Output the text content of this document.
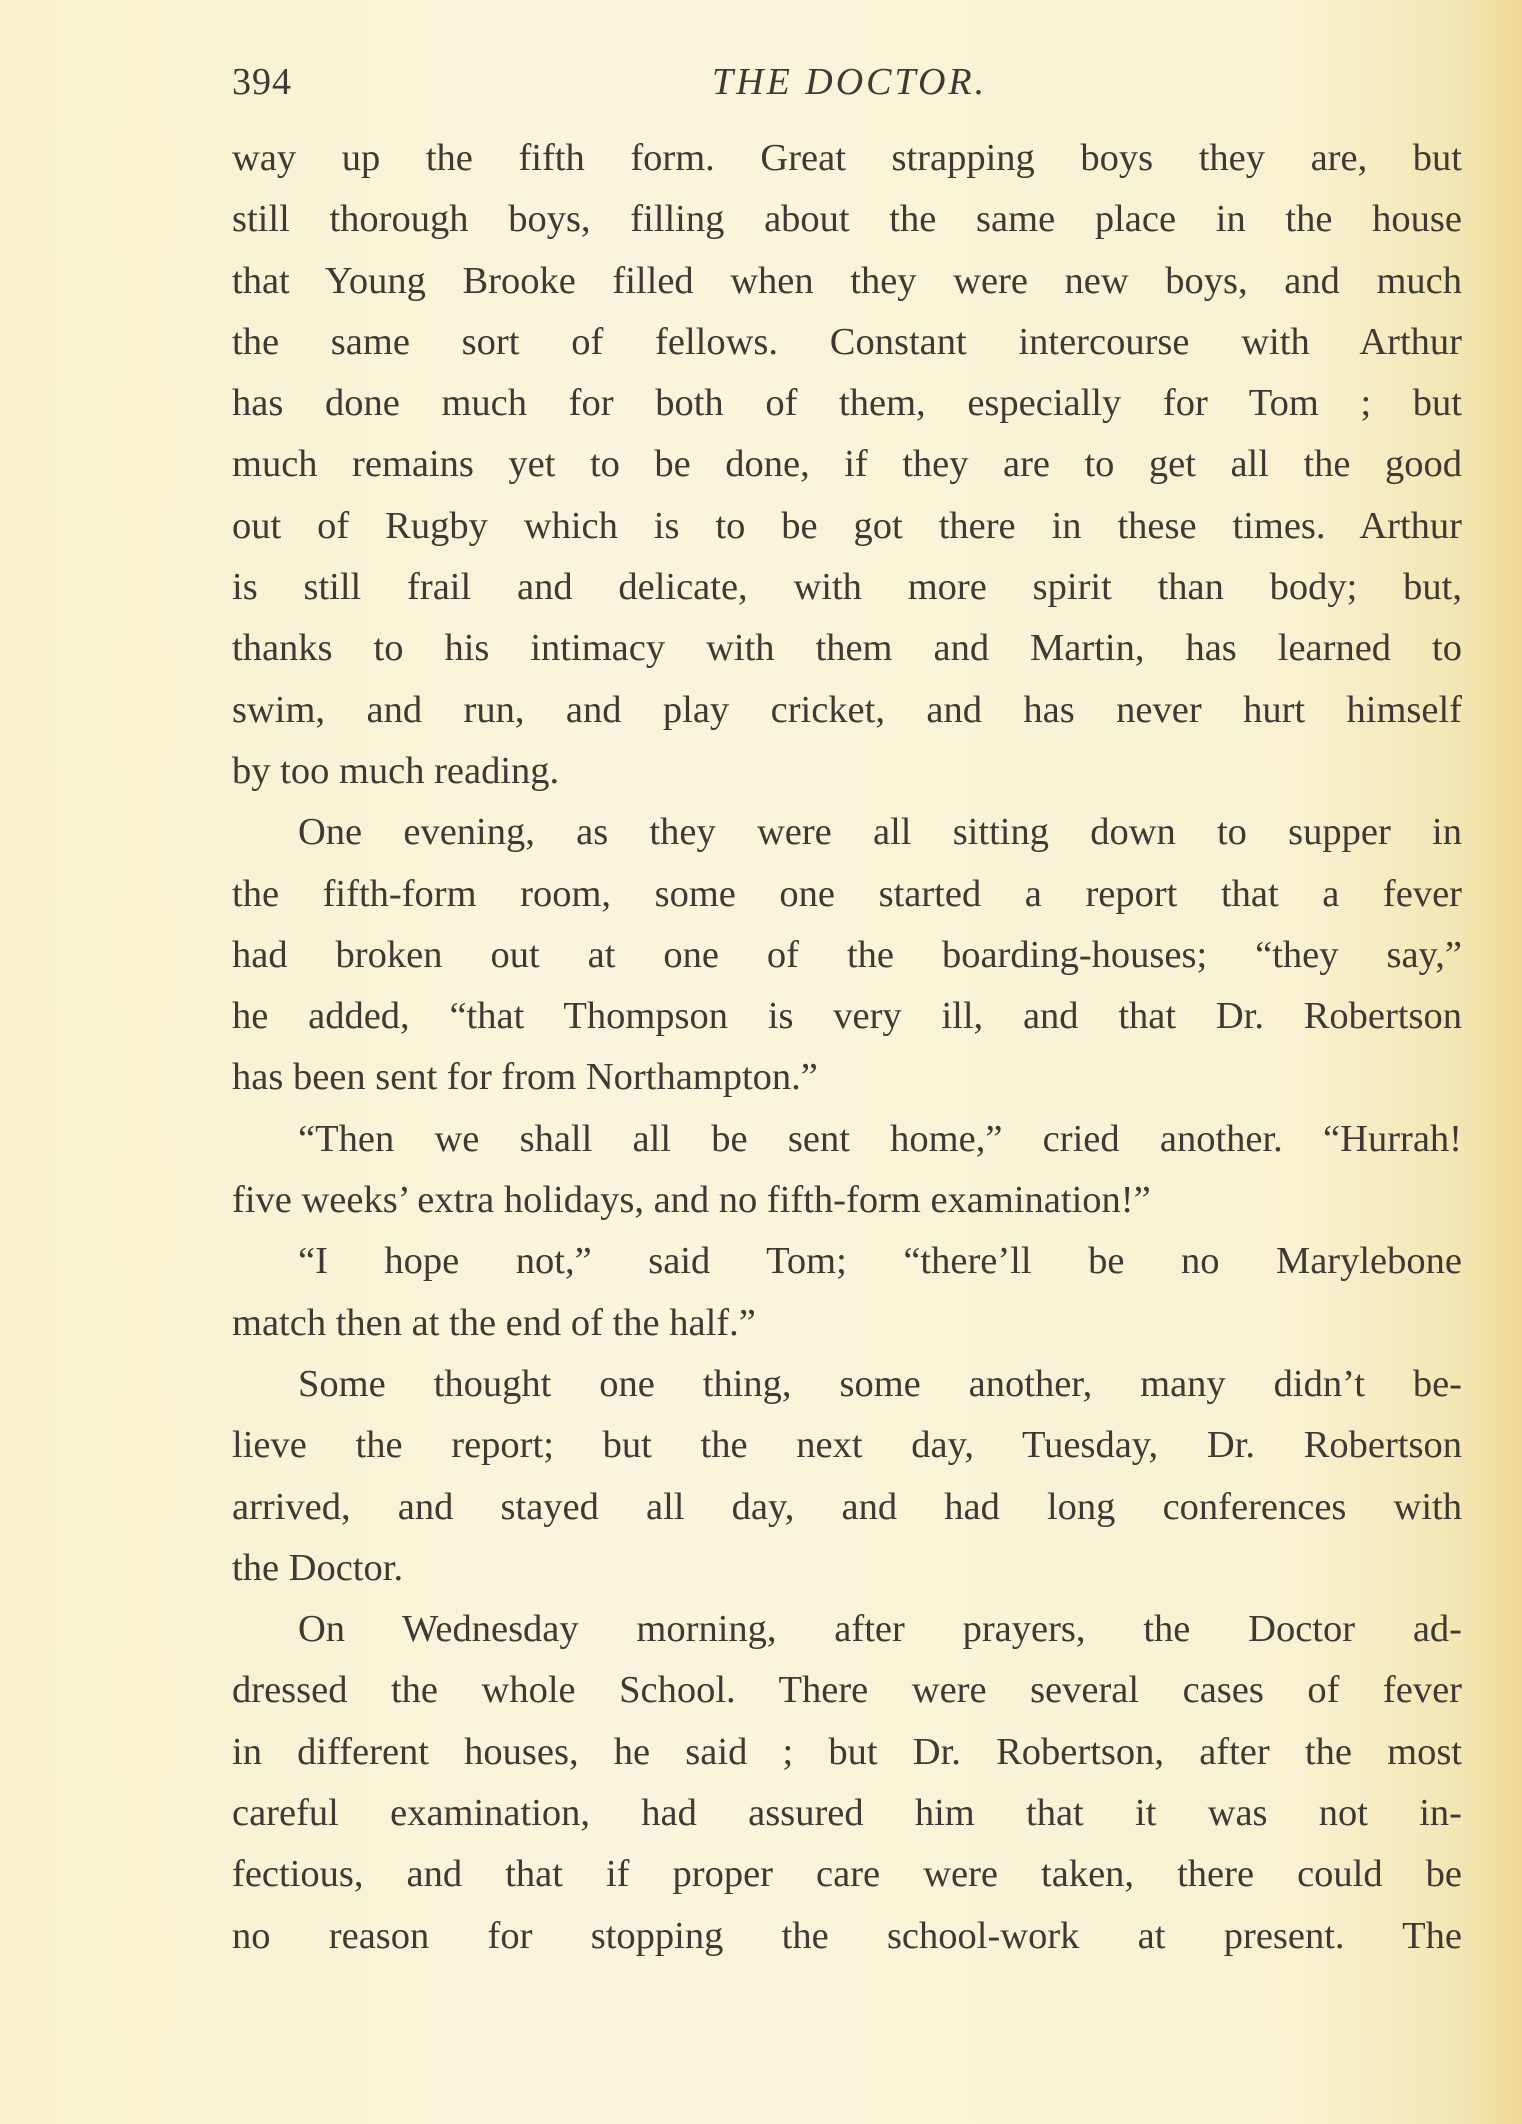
394	THE DOCTOR.
way up the fifth form. Great strapping boys they are, but
still thorough boys, filling about the same place in the house
that Young Brooke filled when they were new boys, and much
the same sort of fellows. Constant intercourse with Arthur
has done much for both of them, especially for Tom ; but
much remains yet to be done, if they are to get all the good
out of Rugby which is to be got there in these times. Arthur
is still frail and delicate, with more spirit than body; but,
thanks to his intimacy with them and Martin, has learned to
swim, and run, and play cricket, and has never hurt himself
by too much reading.
One evening, as they were all sitting down to supper in
the fifth-form room, some one started a report that a fever
had broken out at one of the boarding-houses; “they say,”
he added, “that Thompson is very ill, and that Dr. Robertson
has been sent for from Northampton.”
“Then we shall all be sent home,” cried another. “Hurrah!
five weeks’ extra holidays, and no fifth-form examination!”
“I hope not,” said Tom; “there’ll be no Marylebone
match then at the end of the half.”
Some thought one thing, some another, many didn’t be-
lieve the report; but the next day, Tuesday, Dr. Robertson
arrived, and stayed all day, and had long conferences with
the Doctor.
On Wednesday morning, after prayers, the Doctor ad-
dressed the whole School. There were several cases of fever
in different houses, he said ; but Dr. Robertson, after the most
careful examination, had assured him that it was not in-
fectious, and that if proper care were taken, there could be
no reason for stopping the school-work at present. The
